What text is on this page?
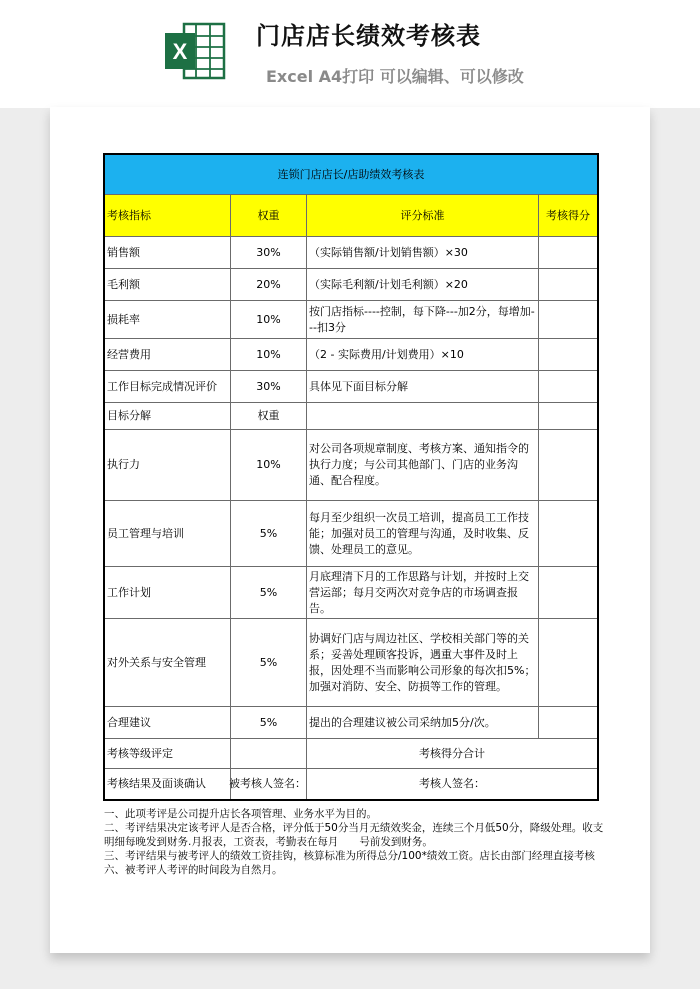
X
门店店长绩效考核表
Excel A4打印 可以编辑、可以修改
连锁门店店长/店助绩效考核表			
考核指标	权重	评分标准	考核得分
销售额	30%	（实际销售额/计划销售额）×30	
毛利额	20%	（实际毛利额/计划毛利额）×20	
损耗率	10%	按门店指标----控制，每下降---加2分，每增加---扣3分	
经营费用	10%	（2 - 实际费用/计划费用）×10	
工作目标完成情况评价	30%	具体见下面目标分解	
目标分解	权重		
执行力	10%	对公司各项规章制度、考核方案、通知指令的执行力度；与公司其他部门、门店的业务沟通、配合程度。	
员工管理与培训	5%	每月至少组织一次员工培训，提高员工工作技能；加强对员工的管理与沟通，及时收集、反馈、处理员工的意见。	
工作计划	5%	月底理清下月的工作思路与计划，并按时上交营运部；每月交两次对竞争店的市场调查报告。	
对外关系与安全管理	5%	协调好门店与周边社区、学校相关部门等的关系；妥善处理顾客投诉，遇重大事件及时上报，因处理不当而影响公司形象的每次扣5%；加强对消防、安全、防损等工作的管理。	
合理建议	5%	提出的合理建议被公司采纳加5分/次。	
考核等级评定		考核得分合计	
考核结果及面谈确认	被考核人签名：	考核人签名：	
一、此项考评是公司提升店长各项管理、业务水平为目的。
二、考评结果决定该考评人是否合格，评分低于50分当月无绩效奖金，连续三个月低50分，降级处理。收支明细每晚发到财务.月报表，工资表，考勤表在每月　　号前发到财务。
三、考评结果与被考评人的绩效工资挂钩，核算标准为所得总分/100*绩效工资。店长由部门经理直接考核
六、被考评人考评的时间段为自然月。
